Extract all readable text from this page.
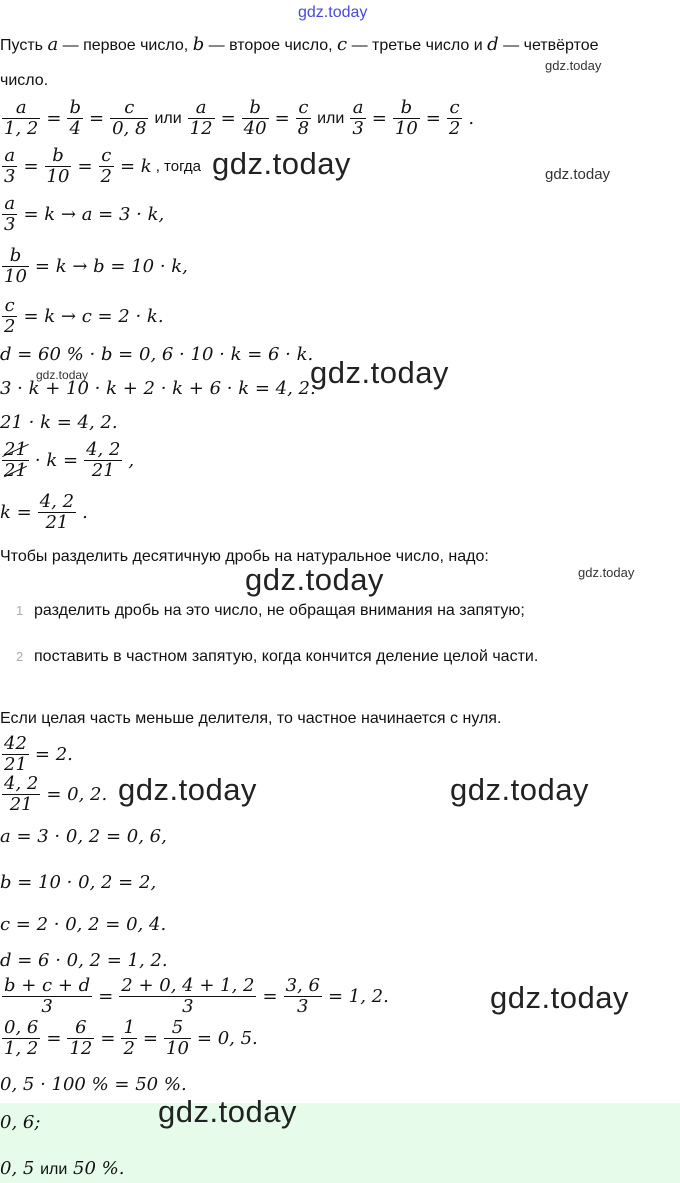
gdz.today
Пусть a — первое число, b — второе число, c — третье число и d — четвёртое
число.
gdz.today
$\frac{a}{1, 2} = \frac{b}{4} = \frac{c}{0, 8}$ или $\frac{a}{12} = \frac{b}{40} = \frac{c}{8}$ или $\frac{a}{3} = \frac{b}{10} = \frac{c}{2}$ .
$\frac{a}{3} = \frac{b}{10} = \frac{c}{2} = k$ , тогда gdz.today	gdz.today
$\frac{a}{3} = k \to a = 3 \cdot k$,
$\frac{b}{10} = k \to b = 10 \cdot k$,
$\frac{c}{2} = k \to c = 2 \cdot k$.
d = 60 % · b = 0, 6 · 10 · k = 6 · k.
3 · k + 10 · k + 2 · k + 6 · k = 4, 2.
gdz.today	gdz.today
21 · k = 4, 2.
$\frac{21}{21} \cdot k = \frac{4, 2}{21}$ ,
$k = \frac{4, 2}{21}$ .
Чтобы разделить десятичную дробь на натуральное число, надо:
gdz.today	gdz.today
1 разделить дробь на это число, не обращая внимания на запятую;
2 поставить в частном запятую, когда кончится деление целой части.
Если целая часть меньше делителя, то частное начинается с нуля.
$\frac{42}{21} = 2$.
$\frac{4, 2}{21} = 0$, 2. gdz.today	gdz.today
a = 3 · 0, 2 = 0, 6,
b = 10 · 0, 2 = 2,
c = 2 · 0, 2 = 0, 4.
d = 6 · 0, 2 = 1, 2.
$\frac{b + c + d}{3} = \frac{2 + 0, 4 + 1, 2}{3} = \frac{3, 6}{3} = 1$, 2.	gdz.today
$\frac{0, 6}{1, 2} = \frac{6}{12} = \frac{1}{2} = \frac{5}{10} = 0$, 5.
0, 5 · 100 % = 50 %.
gdz.today
0, 6;
0, 5 или 50 %.
